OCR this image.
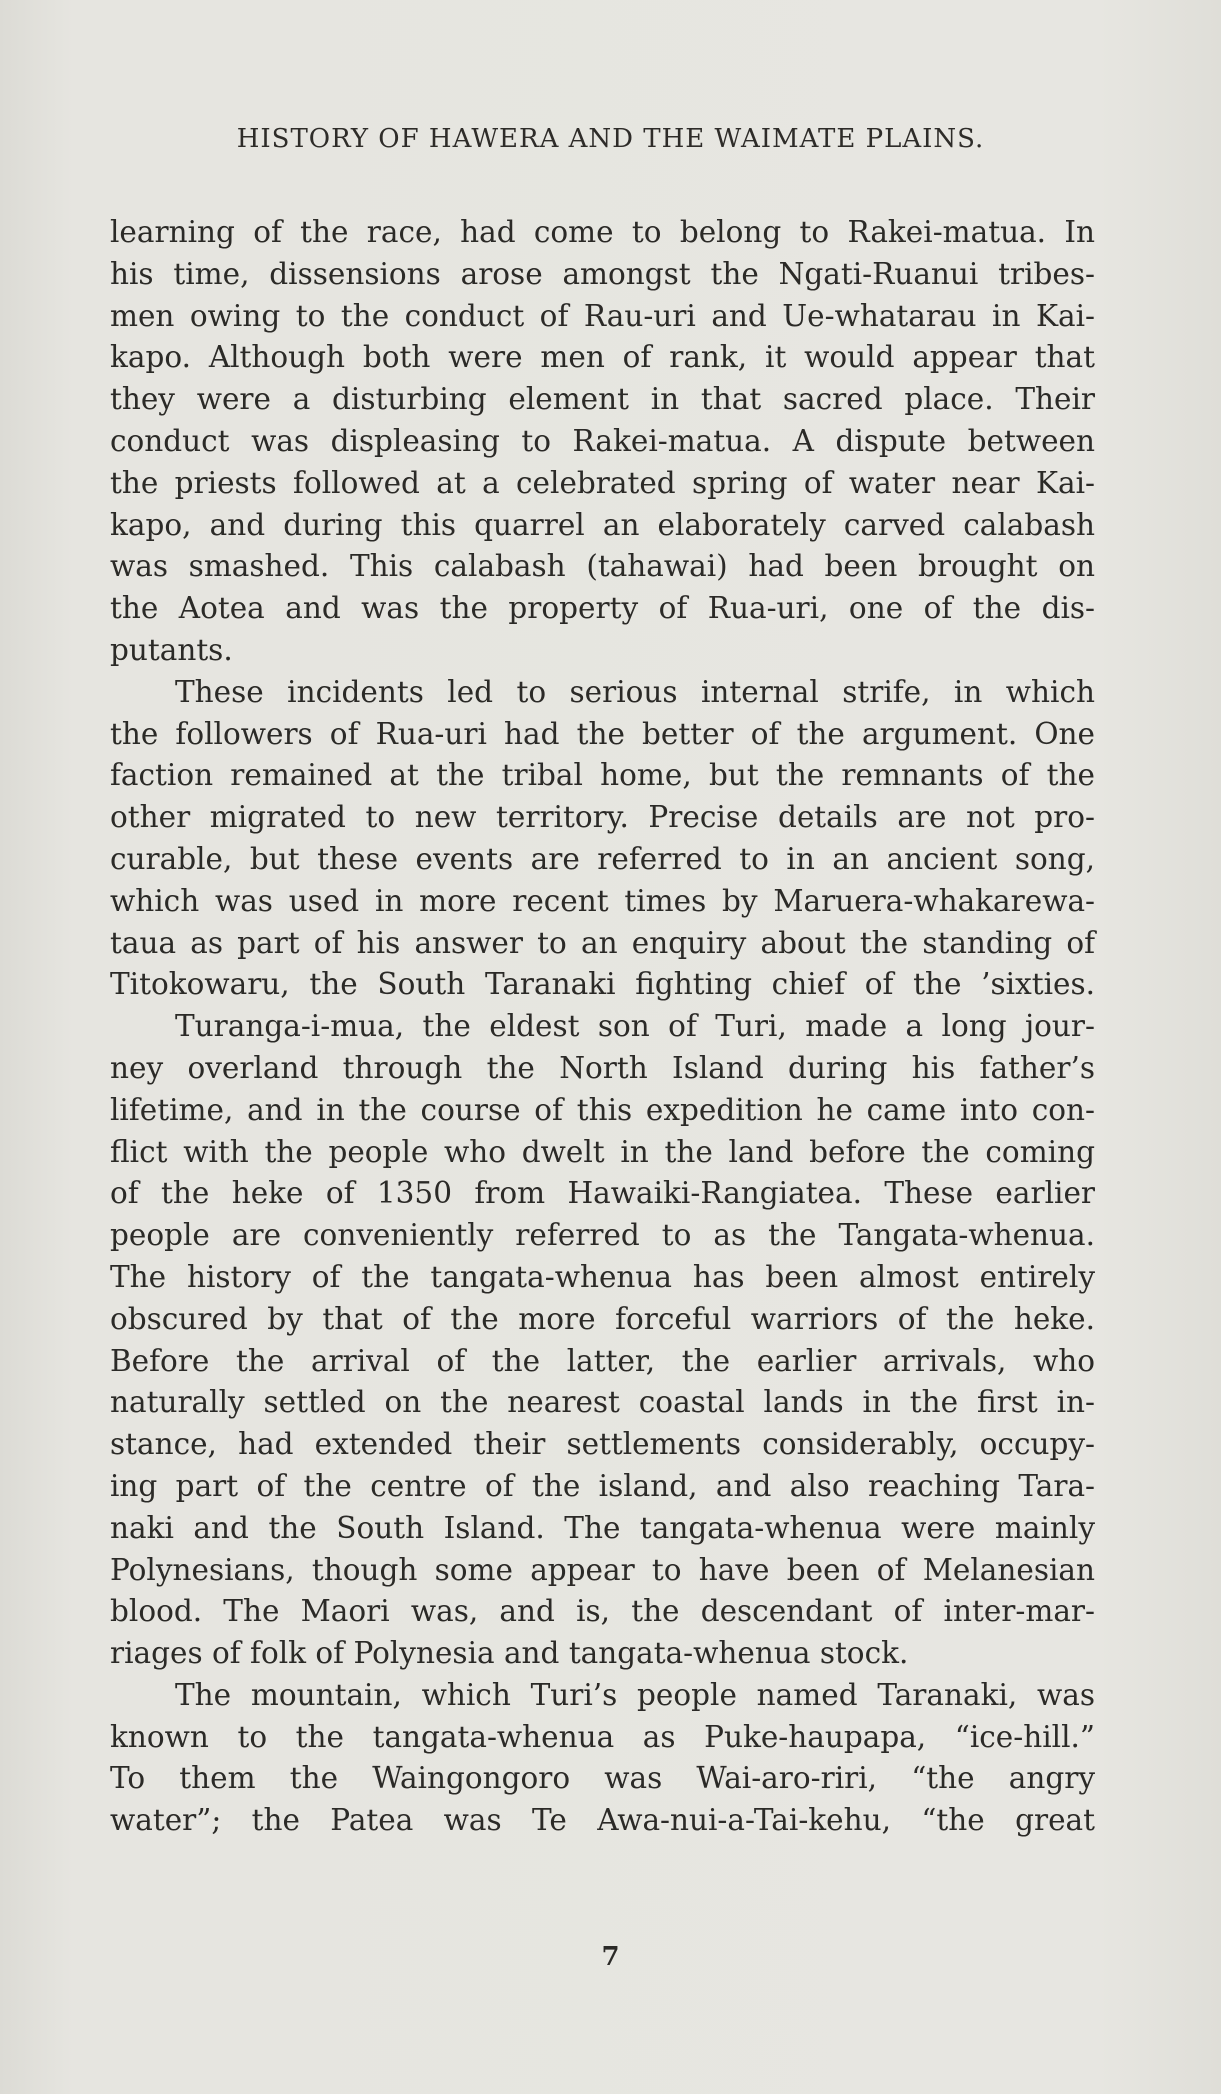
HISTORY OF HAWERA AND THE WAIMATE PLAINS.
learning of the race, had come to belong to Rakei-matua. In
his time, dissensions arose amongst the Ngati-Ruanui tribes-
men owing to the conduct of Rau-uri and Ue-whatarau in Kai-
kapo. Although both were men of rank, it would appear that
they were a disturbing element in that sacred place. Their
conduct was displeasing to Rakei-matua. A dispute between
the priests followed at a celebrated spring of water near Kai-
kapo, and during this quarrel an elaborately carved calabash
was smashed. This calabash (tahawai) had been brought on
the Aotea and was the property of Rua-uri, one of the dis-
putants.
These incidents led to serious internal strife, in which
the followers of Rua-uri had the better of the argument. One
faction remained at the tribal home, but the remnants of the
other migrated to new territory. Precise details are not pro-
curable, but these events are referred to in an ancient song,
which was used in more recent times by Maruera-whakarewa-
taua as part of his answer to an enquiry about the standing of
Titokowaru, the South Taranaki fighting chief of the ’sixties.
Turanga-i-mua, the eldest son of Turi, made a long jour-
ney overland through the North Island during his father’s
lifetime, and in the course of this expedition he came into con-
flict with the people who dwelt in the land before the coming
of the heke of 1350 from Hawaiki-Rangiatea. These earlier
people are conveniently referred to as the Tangata-whenua.
The history of the tangata-whenua has been almost entirely
obscured by that of the more forceful warriors of the heke.
Before the arrival of the latter, the earlier arrivals, who
naturally settled on the nearest coastal lands in the first in-
stance, had extended their settlements considerably, occupy-
ing part of the centre of the island, and also reaching Tara-
naki and the South Island. The tangata-whenua were mainly
Polynesians, though some appear to have been of Melanesian
blood. The Maori was, and is, the descendant of inter-mar-
riages of folk of Polynesia and tangata-whenua stock.
The mountain, which Turi’s people named Taranaki, was
known to the tangata-whenua as Puke-haupapa, “ice-hill.”
To them the Waingongoro was Wai-aro-riri, “the angry
water”; the Patea was Te Awa-nui-a-Tai-kehu, “the great
7
